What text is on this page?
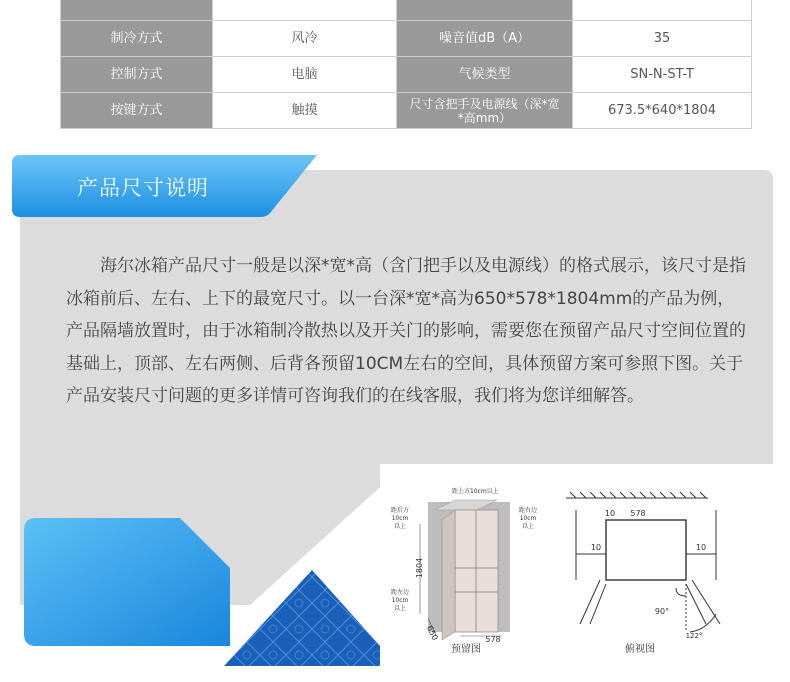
制冷方式	风冷	噪音值dB（A）	35
控制方式	电脑	气候类型	SN-N-ST-T
按键方式	触摸	尺寸含把手及电源线（深*宽*高mm）	673.5*640*1804
产品尺寸说明

海尔冰箱产品尺寸一般是以深*宽*高（含门把手以及电源线）的格式展示，该尺寸是指冰箱前后、左右、上下的最宽尺寸。以一台深*宽*高为650*578*1804mm的产品为例，产品隔墙放置时，由于冰箱制冷散热以及开关门的影响，需要您在预留产品尺寸空间位置的基础上，顶部、左右两侧、后背各预留10CM左右的空间，具体预留方案可参照下图。关于产品安装尺寸问题的更多详情可咨询我们的在线客服，我们将为您详细解答。

距上方10cm以上
距后方
10cm
以上
距右边
10cm
以上
距左边
10cm
以上
1804
650	578
预留图
10 578
10	10
90°
122°
俯视图
